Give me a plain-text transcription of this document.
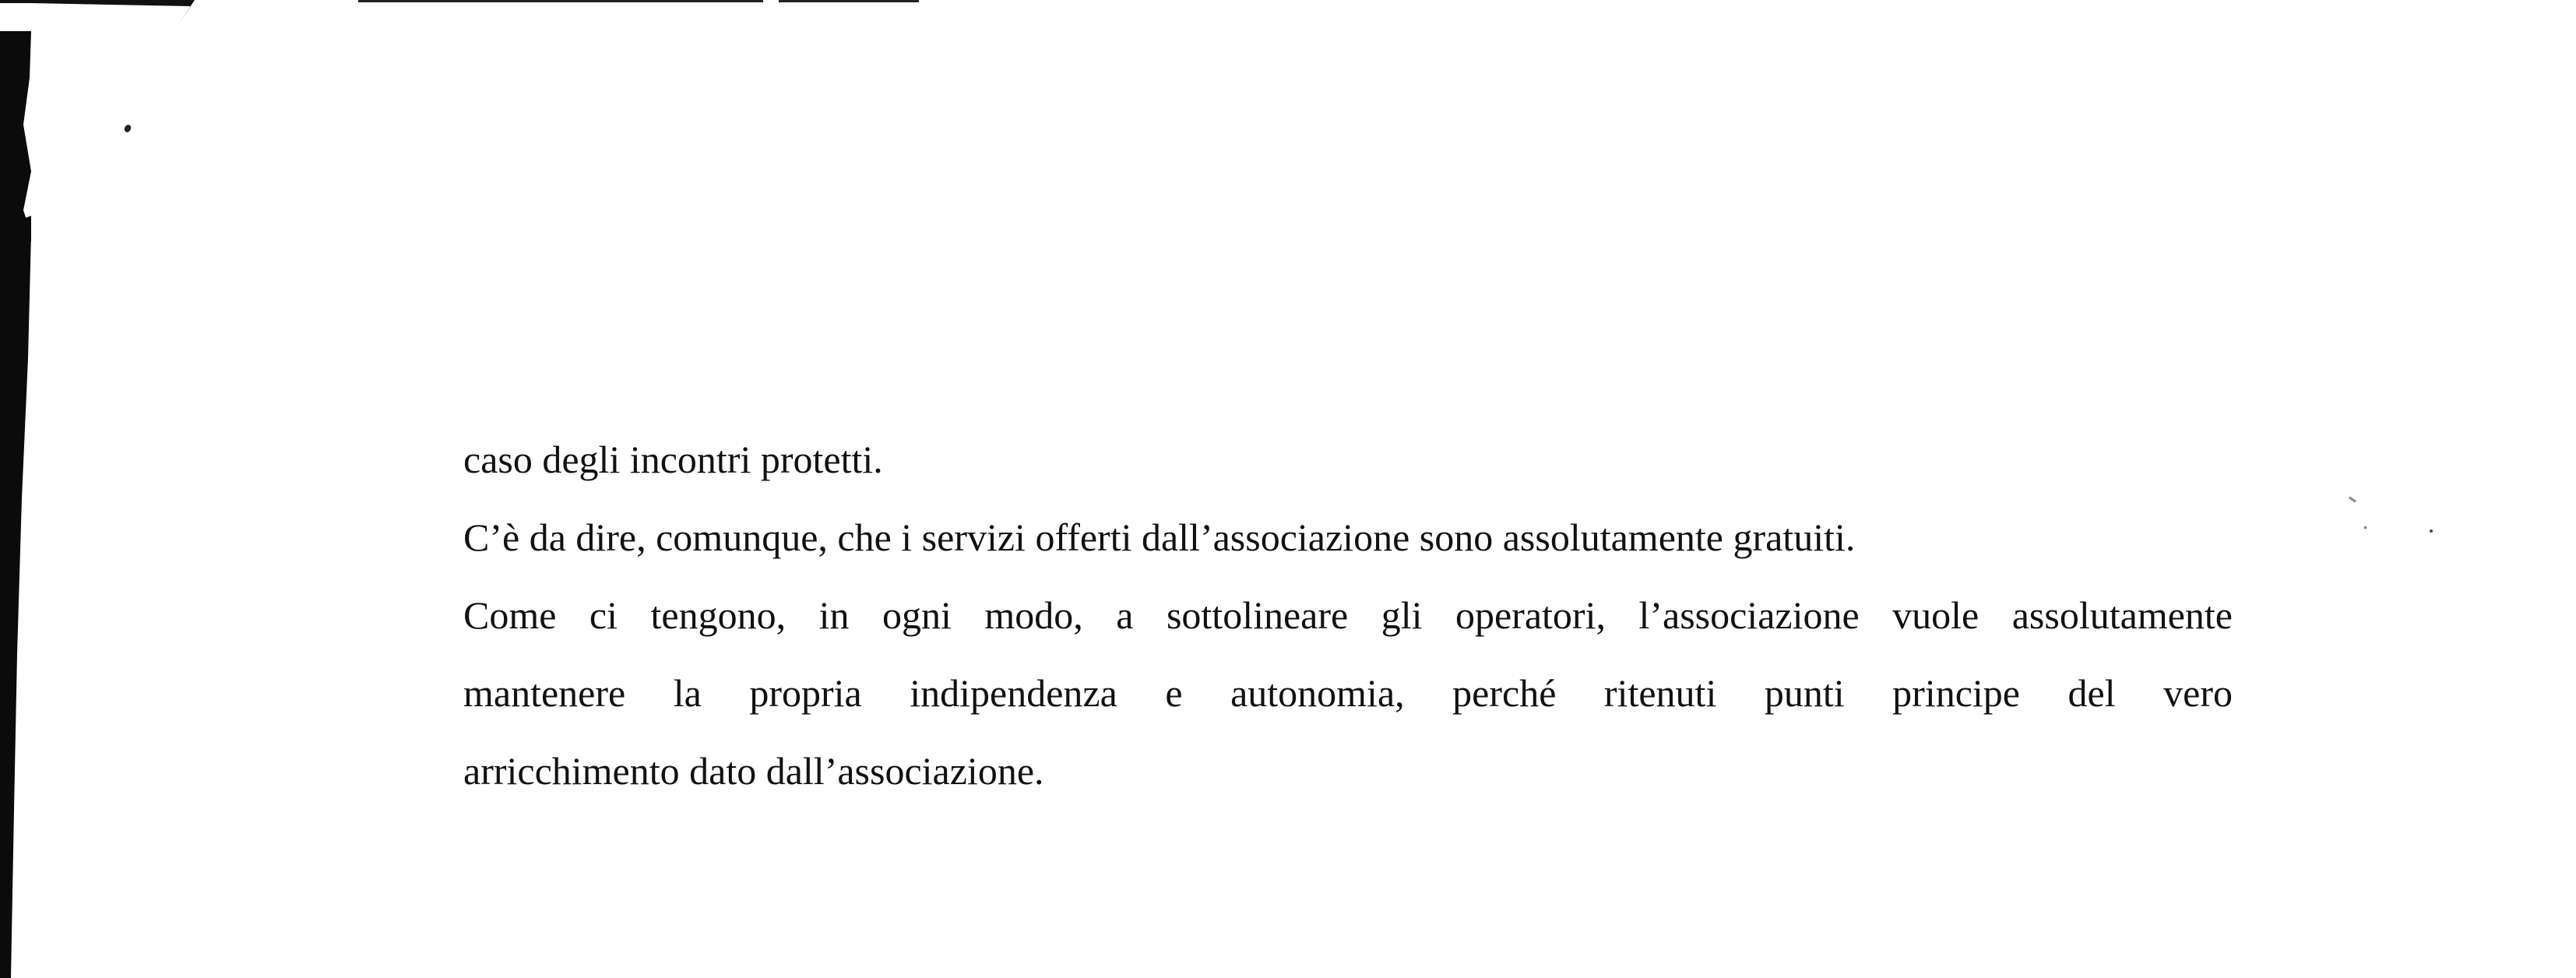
caso degli incontri protetti.

C’è da dire, comunque, che i servizi offerti dall’associazione sono assolutamente gratuiti.

Come ci tengono, in ogni modo, a sottolineare gli operatori, l’associazione vuole assolutamente

mantenere la propria indipendenza e autonomia, perché ritenuti punti principe del vero

arricchimento dato dall’associazione.
